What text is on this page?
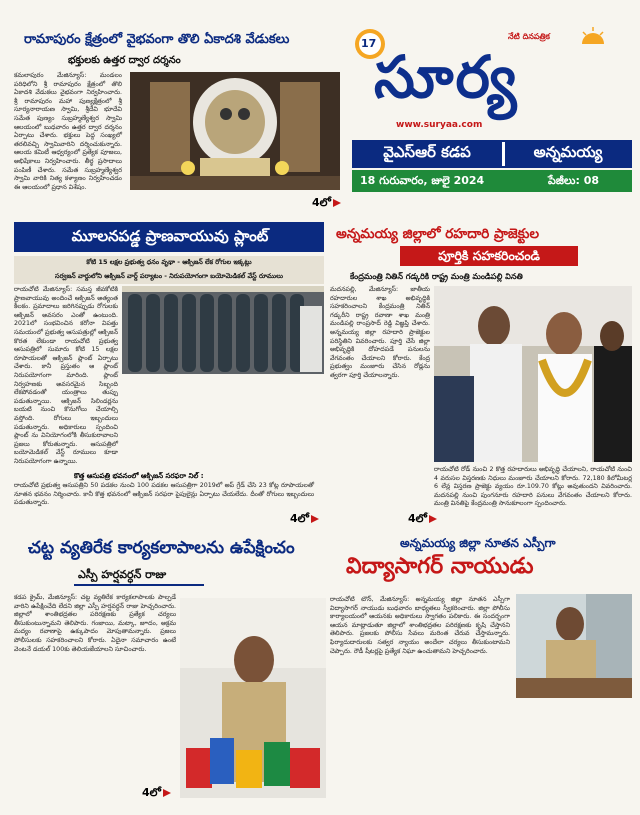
రామాపురం క్షేత్రంలో వైభవంగా తొలి ఏకాదశి వేడుకలు
భక్తులకు ఉత్తర ద్వార దర్శనం
కమలాపురం మేజిన్యూస్: మండలం పరిధిలోని శ్రీ రామాపురం క్షేత్రంలో తొలి ఏకాదశి వేడుకలు వైభవంగా నిర్వహించారు. శ్రీ రామాపురం మహా పుణ్యక్షేత్రంలో శ్రీ సూర్యనారాయణ స్వామి, శ్రీదేవి భూదేవి సమేత పుణ్యం సుబ్రహ్మణ్యేశ్వర స్వామి ఆలయంలో బుధవారం ఉత్తర ద్వార దర్శనం ఏర్పాటు చేశారు. భక్తులు పెద్ద సంఖ్యలో తరలివచ్చి స్వామివారిని దర్శించుకున్నారు. ఆలయ కమిటీ ఆధ్వర్యంలో ప్రత్యేక పూజలు, అభిషేకాలు నిర్వహించారు. తీర్థ ప్రసాదాలు పంపిణీ చేశారు. సమేత సుబ్రహ్మణ్యేశ్వర స్వామి వారికి నిత్య కళ్యాణం నిర్వహించడం ఈ ఆలయంలో ప్రధాన విశేషం.
4లో
17
నేటి దినపత్రిక
సూర్య
www.suryaa.com
వైఎస్ఆర్ కడప	అన్నమయ్య
18 గురువారం, జులై 2024	పేజీలు: 08
మూలనపడ్డ ప్రాణవాయువు ప్లాంట్
కోటి 15 లక్షల ప్రభుత్వ ధనం వృథా - ఆక్సిజన్ లేక రోగుల ఇక్కట్లు
సర్వజన్ వార్డులోని ఆక్సిజన్ వార్డ్ పర్యాటం - నిరుపయోగంగా బయోమెడికల్ వేస్ట్ రూములు
రాయచోటి మేజిన్యూస్: సమస్త జీవకోటికి ప్రాణవాయువు అందించే ఆక్సిజన్ అత్యంత కీలకం. ప్రమాదాలు జరిగినప్పుడు రోగులకు ఆక్సిజన్ అవసరం ఎంతో ఉంటుంది. 2021లో సంభవించిన కరోనా విపత్తు సమయంలో ప్రభుత్వ ఆసుపత్రుల్లో ఆక్సిజన్ కొరత లేకుండా రాయచోటి ప్రభుత్వ ఆసుపత్రిలో సుమారు కోటి 15 లక్షల రూపాయలతో ఆక్సిజన్ ప్లాంట్ ఏర్పాటు చేశారు. కానీ ప్రస్తుతం ఆ ప్లాంట్ నిరుపయోగంగా మారింది. ప్లాంట్ నిర్వహణకు అవసరమైన సిబ్బంది లేకపోవడంతో యంత్రాలు తుప్పు పడుతున్నాయి. ఆక్సిజన్ సిలిండర్లను బయటి నుంచి కొనుగోలు చేయాల్సి వస్తోంది. రోగులు ఇబ్బందులు పడుతున్నారు. అధికారులు స్పందించి ప్లాంట్ ను వినియోగంలోకి తీసుకురావాలని ప్రజలు కోరుతున్నారు. ఆసుపత్రిలో బయోమెడికల్ వేస్ట్ రూములు కూడా నిరుపయోగంగా ఉన్నాయి.
కొత్త ఆసుపత్రి భవనంలో ఆక్సిజన్ సరఫరా నిల్ :
రాయచోటి ప్రభుత్వ ఆసుపత్రిని 50 పడకల నుంచి 100 పడకల ఆసుపత్రిగా 2019లో అప్ గ్రేడ్ చేసి 23 కోట్ల రూపాయలతో నూతన భవనం నిర్మించారు. కానీ కొత్త భవనంలో ఆక్సిజన్ సరఫరా పైపులైన్లు ఏర్పాటు చేయలేదు. దీంతో రోగులు ఇబ్బందులు పడుతున్నారు.
4లో
అన్నమయ్య జిల్లాలో రహదారి ప్రాజెక్టుల
పూర్తికి సహకరించండి
కేంద్రమంత్రి నితిన్ గడ్కరికి రాష్ట్ర మంత్రి మండిపల్లి వినతి
మదనపల్లి, మేజిన్యూస్: జాతీయ రహదారుల శాఖ అభివృద్ధికి సహకరించాలని కేంద్రమంత్రి నితిన్ గడ్కరీని రాష్ట్ర రవాణా శాఖ మంత్రి మండిపల్లి రాంప్రసాద్ రెడ్డి విజ్ఞప్తి చేశారు. అన్నమయ్య జిల్లా రహదారి ప్రాజెక్టుల పరిస్థితిని వివరించారు. పూర్తి చేసే జిల్లా అభివృద్ధికి దోహదపడే పనులను వేగవంతం చేయాలని కోరారు. కేంద్ర ప్రభుత్వం మంజూరు చేసిన రోడ్లను త్వరగా పూర్తి చేయాలన్నారు.
రాయచోటి రోడ్ నుంచి 2 కొత్త రహదారులు అభివృద్ధి చేయాలని, రాయచోటి నుంచి 4 వరుసల విస్తరణకు నిధులు మంజూరు చేయాలని కోరారు. 72,180 కిలోమీటర్ల 6 లేన్ల విస్తరణ ప్రాజెక్టు వ్యయం రూ.109.70 కోట్లు అవుతుందని వివరించారు. మదనపల్లి నుంచి పుంగనూరు రహదారి పనులు వేగవంతం చేయాలని కోరారు. మంత్రి వినతిపై కేంద్రమంత్రి సానుకూలంగా స్పందించారు.
4లో
చట్ట వ్యతిరేక కార్యకలాపాలను ఉపేక్షించం
ఎస్పీ హర్షవర్ధన్ రాజు
కడప క్రైమ్, మేజిన్యూస్: చట్ట వ్యతిరేక కార్యకలాపాలకు పాల్పడే వారిని ఉపేక్షించేది లేదని జిల్లా ఎస్పీ హర్షవర్ధన్ రాజు హెచ్చరించారు. జిల్లాలో శాంతిభద్రతల పరిరక్షణకు ప్రత్యేక చర్యలు తీసుకుంటున్నామని తెలిపారు. గంజాయి, మట్కా, జూదం, అక్రమ మద్యం రవాణాపై ఉక్కుపాదం మోపుతామన్నారు. ప్రజలు పోలీసులకు సహకరించాలని కోరారు. ఏదైనా సమాచారం ఉంటే వెంటనే డయల్ 100కు తెలియజేయాలని సూచించారు.
4లో
అన్నమయ్య జిల్లా నూతన ఎస్పీగా
విద్యాసాగర్ నాయుడు
రాయచోటి టౌన్, మేజిన్యూస్: అన్నమయ్య జిల్లా నూతన ఎస్పీగా విద్యాసాగర్ నాయుడు బుధవారం బాధ్యతలు స్వీకరించారు. జిల్లా పోలీసు కార్యాలయంలో ఆయనకు అధికారులు స్వాగతం పలికారు. ఈ సందర్భంగా ఆయన మాట్లాడుతూ జిల్లాలో శాంతిభద్రతల పరిరక్షణకు కృషి చేస్తానని తెలిపారు. ప్రజలకు పోలీసు సేవలు మరింత చేరువ చేస్తామన్నారు. ఫిర్యాదుదారులకు సత్వర న్యాయం అందేలా చర్యలు తీసుకుంటామని చెప్పారు. రౌడీ షీటర్లపై ప్రత్యేక నిఘా ఉంచుతామని హెచ్చరించారు.
